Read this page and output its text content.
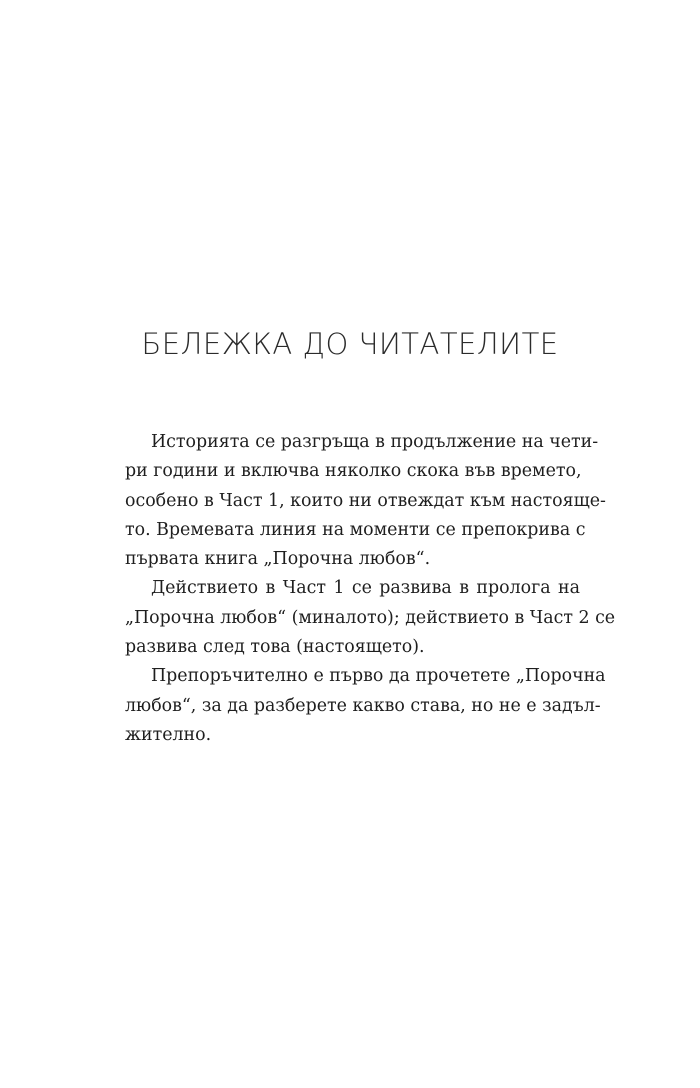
БЕЛЕЖКА ДО ЧИТАТЕЛИТЕ

Историята се разгръща в продължение на чети-
ри години и включва няколко скока във времето,
особено в Част 1, които ни отвеждат към настояще-
то. Времевата линия на моменти се препокрива с
първата книга „Порочна любов“.

Действието в Част 1 се развива в пролога на
„Порочна любов“ (миналото); действието в Част 2 се
развива след това (настоящето).

Препоръчително е първо да прочетете „Порочна
любов“, за да разберете какво става, но не е задъл-
жително.
